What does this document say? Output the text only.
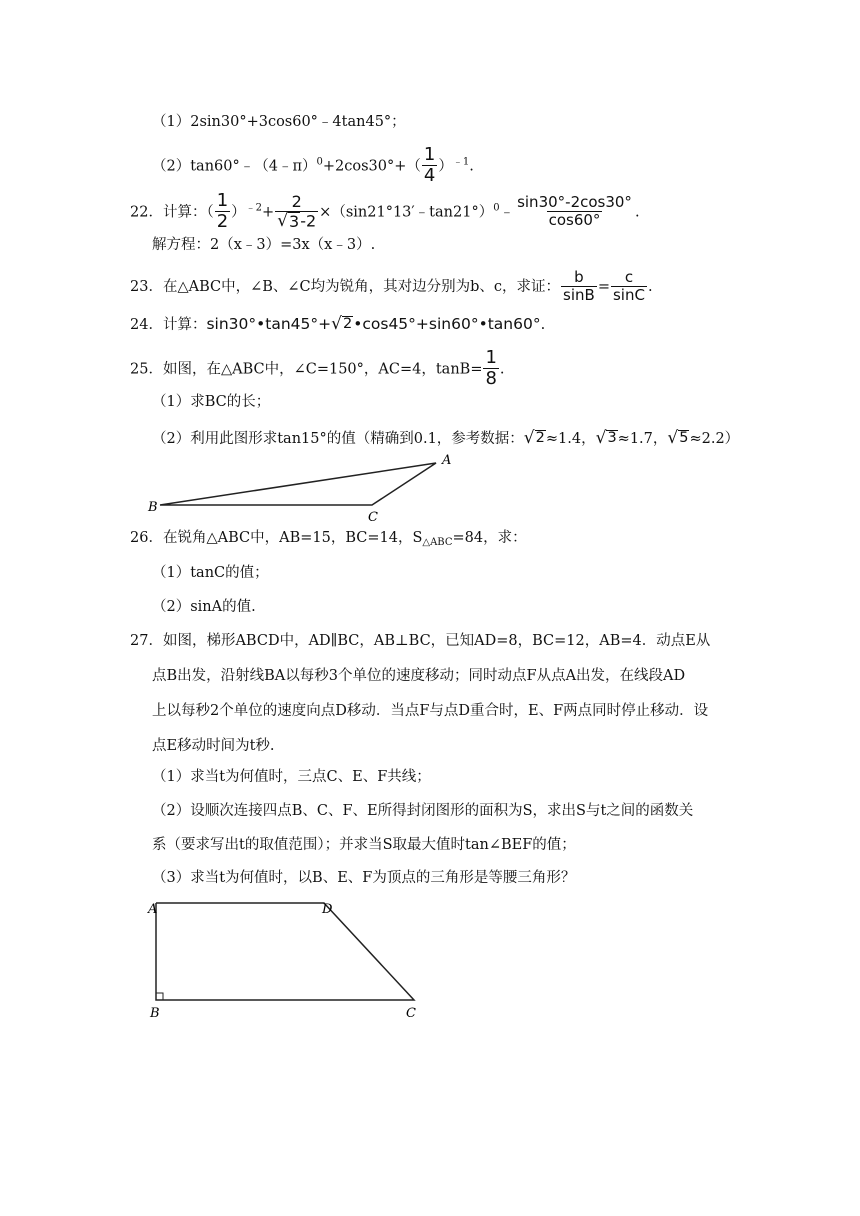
（1）2sin30°+3cos60°﹣4tan45°；
（2）tan60°﹣（4﹣π）$^0$+2cos30°+（ $\frac{1}{4} )^{﹣1}$.
22．计算：（ $\frac{1}{2} )^{﹣2}+ \frac{2}{√ 3 -2}$ ×（sin21°13′﹣tan21°）$^0$﹣ $\frac{\sin 30^\circ-2\cos 30^\circ}{\cos 60^\circ}$ .
解方程：2（x﹣3）=3x（x﹣3）.
23．在△ABC中，∠B、∠C均为锐角，其对边分别为b、c，求证： $\frac{b}{\sin B} = \frac{c}{\sin C}$ .
24．计算：sin30°•tan45°+ √ 2 •cos45°+sin60°•tan60°.
25．如图，在△ABC中，∠C=150°，AC=4，$\tan B= \frac{1}{8}$ .
（1）求BC的长；
（2）利用此图形求tan15°的值（精确到0.1，参考数据： √ 2 ≈1.4， √ 3 ≈1.7， √ 5 ≈2.2）
A
B
C
26．在锐角△ABC中，AB=15，BC=14，$S_{\triangle ABC}=84$，求：
（1）tanC的值；
（2）sinA的值.
27．如图，梯形ABCD中，AD∥BC，AB⊥BC，已知AD=8，BC=12，AB=4．动点E从
点B出发，沿射线BA以每秒3个单位的速度移动；同时动点F从点A出发，在线段AD
上以每秒2个单位的速度向点D移动．当点F与点D重合时，E、F两点同时停止移动．设
点E移动时间为t秒.
（1）求当t为何值时，三点C、E、F共线；
（2）设顺次连接四点B、C、F、E所得封闭图形的面积为S，求出S与t之间的函数关
系（要求写出t的取值范围）；并求当S取最大值时tan∠BEF的值；
（3）求当t为何值时，以B、E、F为顶点的三角形是等腰三角形？
A	D
B	C
